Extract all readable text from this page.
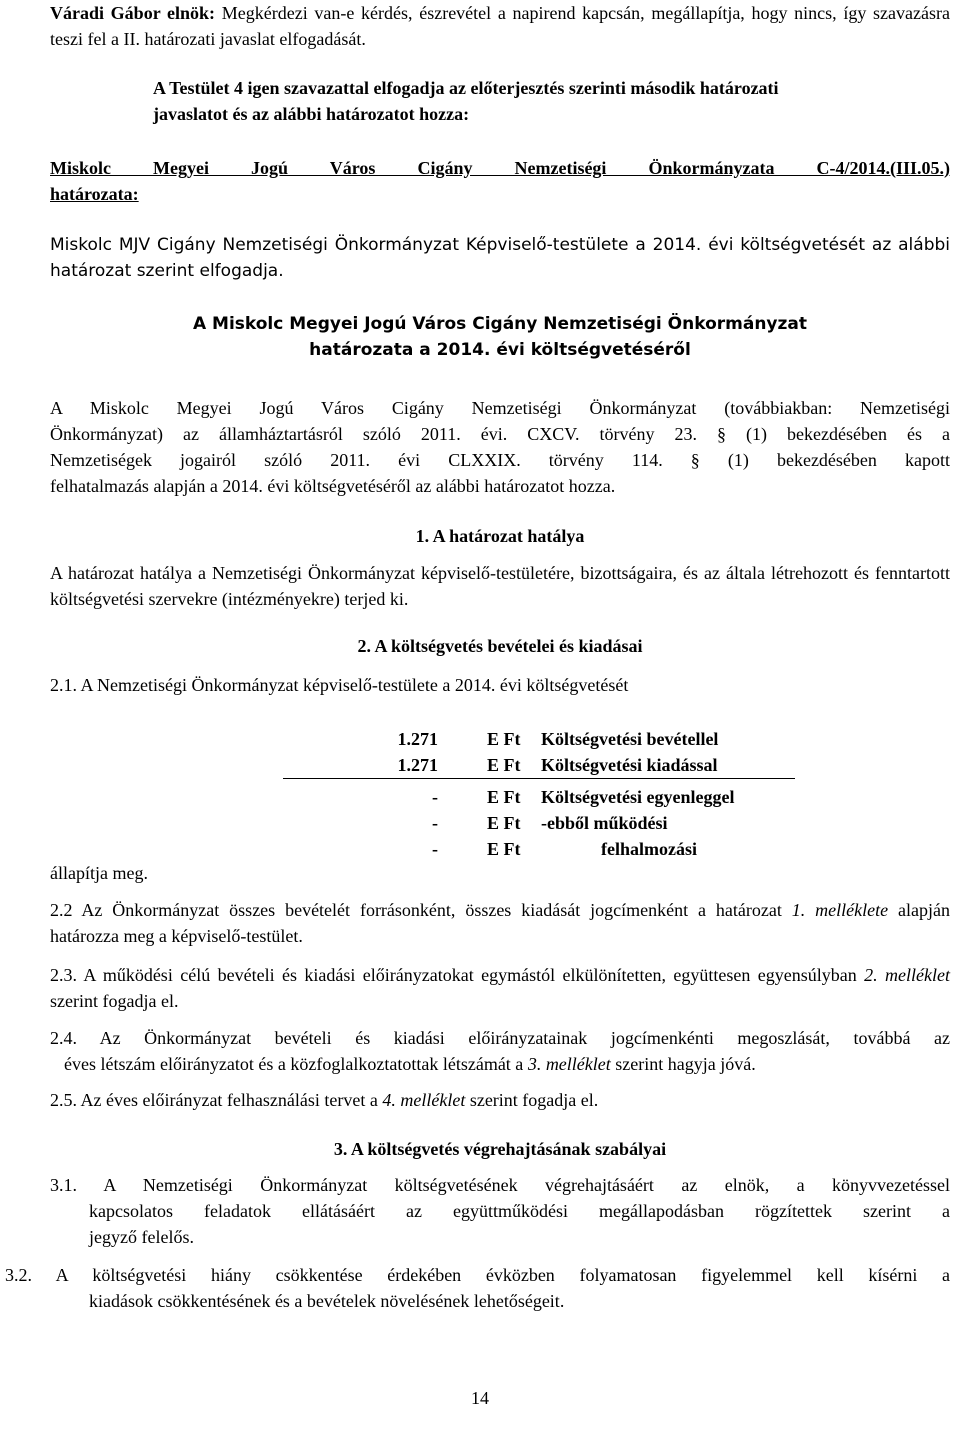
Váradi Gábor elnök: Megkérdezi van-e kérdés, észrevétel a napirend kapcsán, megállapítja, hogy nincs, így szavazásra teszi fel a II. határozati javaslat elfogadását.

A Testület 4 igen szavazattal elfogadja az előterjesztés szerinti második határozati javaslatot és az alábbi határozatot hozza:

Miskolc Megyei Jogú Város Cigány Nemzetiségi Önkormányzata C-4/2014.(III.05.)
határozata:

Miskolc MJV Cigány Nemzetiségi Önkormányzat Képviselő-testülete a 2014. évi költségvetését az alábbi határozat szerint elfogadja.

A Miskolc Megyei Jogú Város Cigány Nemzetiségi Önkormányzat
határozata a 2014. évi költségvetéséről
A Miskolc Megyei Jogú Város Cigány Nemzetiségi Önkormányzat (továbbiakban: Nemzetiségi
Önkormányzat) az államháztartásról szóló 2011. évi. CXCV. törvény 23. § (1) bekezdésében és a
Nemzetiségek jogairól szóló 2011. évi CLXXIX. törvény 114. § (1) bekezdésében kapott
felhatalmazás alapján a 2014. évi költségvetéséről az alábbi határozatot hozza.
1. A határozat hatálya

A határozat hatálya a Nemzetiségi Önkormányzat képviselő-testületére, bizottságaira, és az általa létrehozott és fenntartott költségvetési szervekre (intézményekre) terjed ki.

2. A költségvetés bevételei és kiadásai
2.1. A Nemzetiségi Önkormányzat képviselő-testülete a 2014. évi költségvetését
1.271	E Ft Költségvetési bevétellel
1.271	E Ft Költségvetési kiadással
-	E Ft Költségvetési egyenleggel
-	E Ft -ebből működési
-	E Ft	felhalmozási
állapítja meg.

2.2 Az Önkormányzat összes bevételét forrásonként, összes kiadását jogcímenként a határozat 1. melléklete alapján határozza meg a képviselő-testület.

2.3. A működési célú bevételi és kiadási előirányzatokat egymástól elkülönítetten, együttesen egyensúlyban 2. melléklet szerint fogadja el.

2.4. Az Önkormányzat bevételi és kiadási előirányzatainak jogcímenkénti megoszlását, továbbá az
éves létszám előirányzatot és a közfoglalkoztatottak létszámát a 3. melléklet szerint hagyja jóvá.
2.5. Az éves előirányzat felhasználási tervet a 4. melléklet szerint fogadja el.
3. A költségvetés végrehajtásának szabályai
3.1. A Nemzetiségi Önkormányzat költségvetésének végrehajtásáért az elnök, a könyvvezetéssel
kapcsolatos feladatok ellátásáért az együttműködési megállapodásban rögzítettek szerint a
jegyző felelős.
3.2. A költségvetési hiány csökkentése érdekében évközben folyamatosan figyelemmel kell kísérni a
kiadások csökkentésének és a bevételek növelésének lehetőségeit.
14
